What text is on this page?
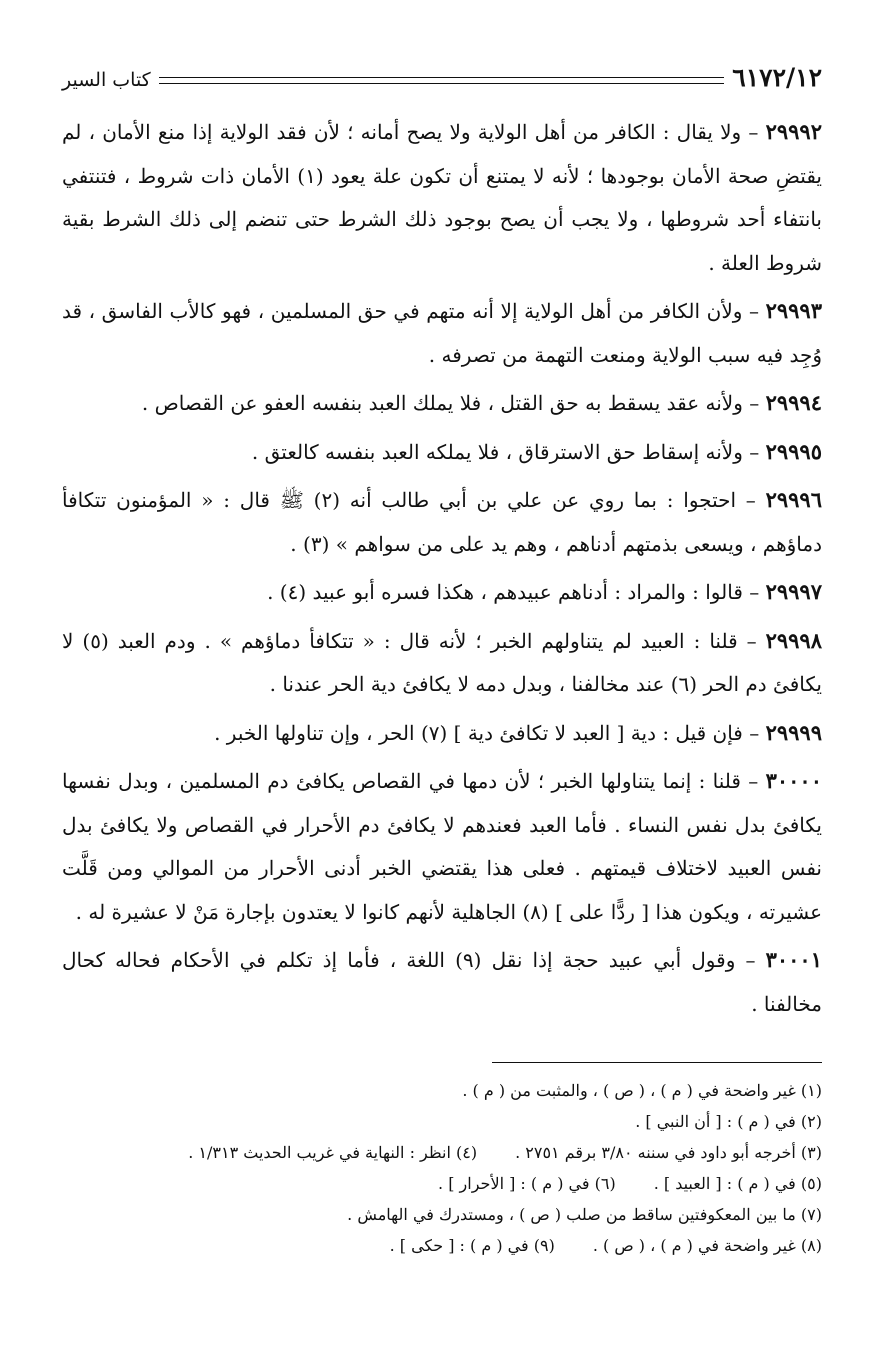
٦١٧٢/١٢
كتاب السير

٢٩٩٩٢ – ولا يقال : الكافر من أهل الولاية ولا يصح أمانه ؛ لأن فقد الولاية إذا منع الأمان ، لم يقتضِ صحة الأمان بوجودها ؛ لأنه لا يمتنع أن تكون علة يعود (١) الأمان ذات شروط ، فتنتفي بانتفاء أحد شروطها ، ولا يجب أن يصح بوجود ذلك الشرط حتى تنضم إلى ذلك الشرط بقية شروط العلة .

٢٩٩٩٣ – ولأن الكافر من أهل الولاية إلا أنه متهم في حق المسلمين ، فهو كالأب الفاسق ، قد وُجِد فيه سبب الولاية ومنعت التهمة من تصرفه .

٢٩٩٩٤ – ولأنه عقد يسقط به حق القتل ، فلا يملك العبد بنفسه العفو عن القصاص .

٢٩٩٩٥ – ولأنه إسقاط حق الاسترقاق ، فلا يملكه العبد بنفسه كالعتق .

٢٩٩٩٦ – احتجوا : بما روي عن علي بن أبي طالب أنه (٢) ﷺ قال : « المؤمنون تتكافأ دماؤهم ، ويسعى بذمتهم أدناهم ، وهم يد على من سواهم » (٣) .

٢٩٩٩٧ – قالوا : والمراد : أدناهم عبيدهم ، هكذا فسره أبو عبيد (٤) .

٢٩٩٩٨ – قلنا : العبيد لم يتناولهم الخبر ؛ لأنه قال : « تتكافأ دماؤهم » . ودم العبد (٥) لا يكافئ دم الحر (٦) عند مخالفنا ، وبدل دمه لا يكافئ دية الحر عندنا .

٢٩٩٩٩ – فإن قيل : دية [ العبد لا تكافئ دية ] (٧) الحر ، وإن تناولها الخبر .

٣٠٠٠٠ – قلنا : إنما يتناولها الخبر ؛ لأن دمها في القصاص يكافئ دم المسلمين ، وبدل نفسها يكافئ بدل نفس النساء . فأما العبد فعندهم لا يكافئ دم الأحرار في القصاص ولا يكافئ بدل نفس العبيد لاختلاف قيمتهم . فعلى هذا يقتضي الخبر أدنى الأحرار من الموالي ومن قَلَّت عشيرته ، ويكون هذا [ ردًّا على ] (٨) الجاهلية لأنهم كانوا لا يعتدون بإجارة مَنْ لا عشيرة له .

٣٠٠٠١ – وقول أبي عبيد حجة إذا نقل (٩) اللغة ، فأما إذ تكلم في الأحكام فحاله كحال مخالفنا .

(١) غير واضحة في ( م ) ، ( ص ) ، والمثبت من ( م ) .
(٢) في ( م ) : [ أن النبي ] .
(٣) أخرجه أبو داود في سننه ٣/٨٠ برقم ٢٧٥١ .
(٤) انظر : النهاية في غريب الحديث ١/٣١٣ .
(٥) في ( م ) : [ العبيد ] .
(٦) في ( م ) : [ الأحرار ] .
(٧) ما بين المعكوفتين ساقط من صلب ( ص ) ، ومستدرك في الهامش .
(٨) غير واضحة في ( م ) ، ( ص ) .
(٩) في ( م ) : [ حكى ] .
